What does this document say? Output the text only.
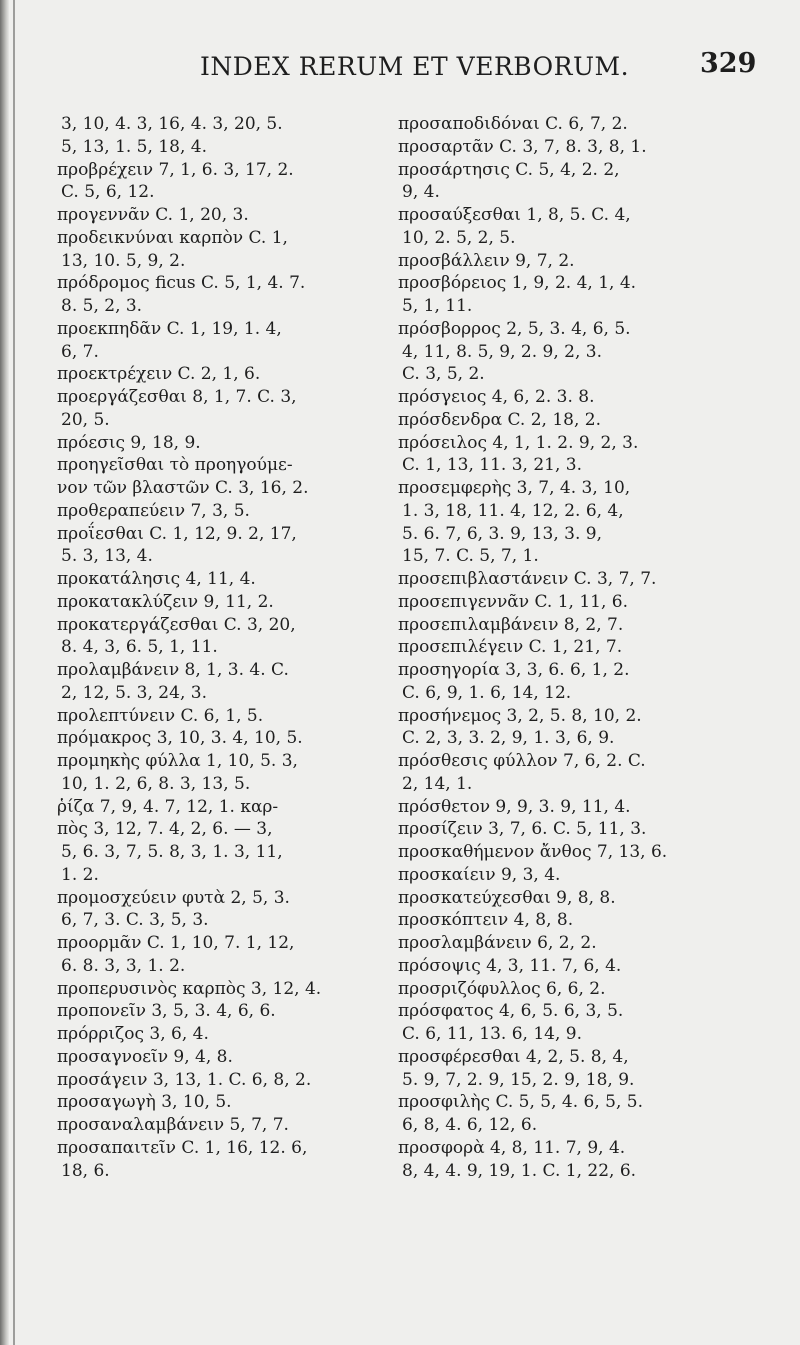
INDEX RERUM ET VERBORUM.	329
3, 10, 4. 3, 16, 4. 3, 20, 5.
5, 13, 1. 5, 18, 4.
προβρέχειν 7, 1, 6. 3, 17, 2.
C. 5, 6, 12.
προγεννᾶν C. 1, 20, 3.
προδεικνύναι καρπὸν C. 1,
13, 10. 5, 9, 2.
πρόδρομος ficus C. 5, 1, 4. 7.
8. 5, 2, 3.
προεκπηδᾶν C. 1, 19, 1. 4,
6, 7.
προεκτρέχειν C. 2, 1, 6.
προεργάζεσθαι 8, 1, 7. C. 3,
20, 5.
πρόεσις 9, 18, 9.
προηγεῖσθαι τὸ προηγούμε-
νον τῶν βλαστῶν C. 3, 16, 2.
προθεραπεύειν 7, 3, 5.
προΐεσθαι C. 1, 12, 9. 2, 17,
5. 3, 13, 4.
προκατάλησις 4, 11, 4.
προκατακλύζειν 9, 11, 2.
προκατεργάζεσθαι C. 3, 20,
8. 4, 3, 6. 5, 1, 11.
προλαμβάνειν 8, 1, 3. 4. C.
2, 12, 5. 3, 24, 3.
προλεπτύνειν C. 6, 1, 5.
πρόμακρος 3, 10, 3. 4, 10, 5.
προμηκὴς φύλλα 1, 10, 5. 3,
10, 1. 2, 6, 8. 3, 13, 5.
ῥίζα 7, 9, 4. 7, 12, 1. καρ-
πὸς 3, 12, 7. 4, 2, 6. — 3,
5, 6. 3, 7, 5. 8, 3, 1. 3, 11,
1. 2.
προμοσχεύειν φυτὰ 2, 5, 3.
6, 7, 3. C. 3, 5, 3.
προορμᾶν C. 1, 10, 7. 1, 12,
6. 8. 3, 3, 1. 2.
προπερυσινὸς καρπὸς 3, 12, 4.
προπονεῖν 3, 5, 3. 4, 6, 6.
πρόρριζος 3, 6, 4.
προσαγνοεῖν 9, 4, 8.
προσάγειν 3, 13, 1. C. 6, 8, 2.
προσαγωγὴ 3, 10, 5.
προσαναλαμβάνειν 5, 7, 7.
προσαπαιτεῖν C. 1, 16, 12. 6,
18, 6.
προσαποδιδόναι C. 6, 7, 2.
προσαρτᾶν C. 3, 7, 8. 3, 8, 1.
προσάρτησις C. 5, 4, 2. 2,
9, 4.
προσαύξεσθαι 1, 8, 5. C. 4,
10, 2. 5, 2, 5.
προσβάλλειν 9, 7, 2.
προσβόρειος 1, 9, 2. 4, 1, 4.
5, 1, 11.
πρόσβορρος 2, 5, 3. 4, 6, 5.
4, 11, 8. 5, 9, 2. 9, 2, 3.
C. 3, 5, 2.
πρόσγειος 4, 6, 2. 3. 8.
πρόσδενδρα C. 2, 18, 2.
πρόσειλος 4, 1, 1. 2. 9, 2, 3.
C. 1, 13, 11. 3, 21, 3.
προσεμφερὴς 3, 7, 4. 3, 10,
1. 3, 18, 11. 4, 12, 2. 6, 4,
5. 6. 7, 6, 3. 9, 13, 3. 9,
15, 7. C. 5, 7, 1.
προσεπιβλαστάνειν C. 3, 7, 7.
προσεπιγεννᾶν C. 1, 11, 6.
προσεπιλαμβάνειν 8, 2, 7.
προσεπιλέγειν C. 1, 21, 7.
προσηγορία 3, 3, 6. 6, 1, 2.
C. 6, 9, 1. 6, 14, 12.
προσήνεμος 3, 2, 5. 8, 10, 2.
C. 2, 3, 3. 2, 9, 1. 3, 6, 9.
πρόσθεσις φύλλον 7, 6, 2. C.
2, 14, 1.
πρόσθετον 9, 9, 3. 9, 11, 4.
προσίζειν 3, 7, 6. C. 5, 11, 3.
προσκαθήμενον ἄνθος 7, 13, 6.
προσκαίειν 9, 3, 4.
προσκατεύχεσθαι 9, 8, 8.
προσκόπτειν 4, 8, 8.
προσλαμβάνειν 6, 2, 2.
πρόσοψις 4, 3, 11. 7, 6, 4.
προσριζόφυλλος 6, 6, 2.
πρόσφατος 4, 6, 5. 6, 3, 5.
C. 6, 11, 13. 6, 14, 9.
προσφέρεσθαι 4, 2, 5. 8, 4,
5. 9, 7, 2. 9, 15, 2. 9, 18, 9.
προσφιλὴς C. 5, 5, 4. 6, 5, 5.
6, 8, 4. 6, 12, 6.
προσφορὰ 4, 8, 11. 7, 9, 4.
8, 4, 4. 9, 19, 1. C. 1, 22, 6.
